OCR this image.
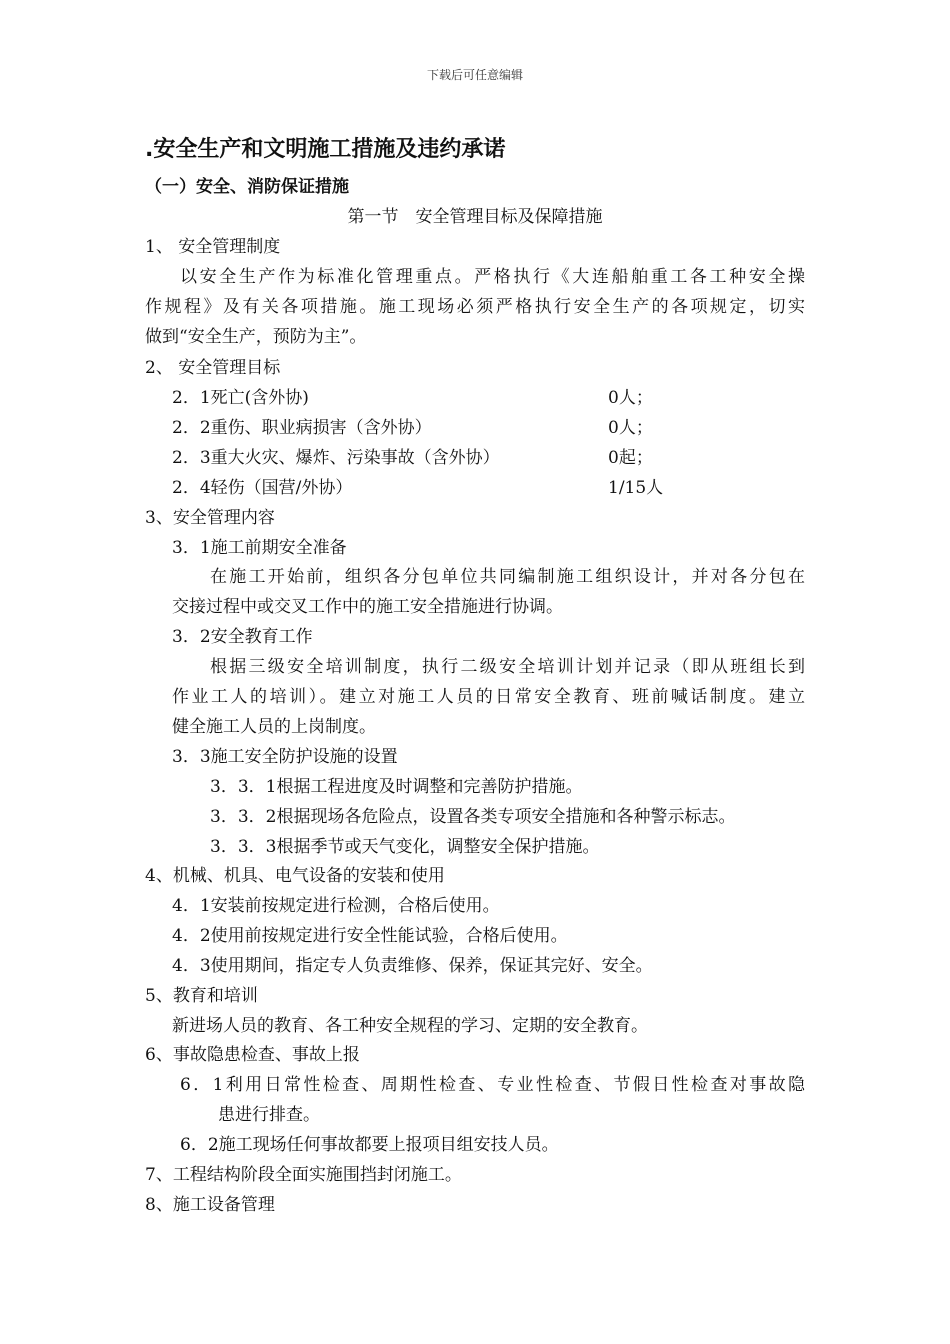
下载后可任意编辑
.安全生产和文明施工措施及违约承诺
（一）安全、消防保证措施
第一节　安全管理目标及保障措施
1、 安全管理制度
以安全生产作为标准化管理重点。严格执行《大连船舶重工各工种安全操
作规程》及有关各项措施。施工现场必须严格执行安全生产的各项规定，切实
做到“安全生产，预防为主”。
2、 安全管理目标
2．1死亡(含外协)	0人；
2．2重伤、职业病损害（含外协）	0人；
2．3重大火灾、爆炸、污染事故（含外协）	0起；
2．4轻伤（国营/外协）	1/15人
3、安全管理内容
3．1施工前期安全准备
在施工开始前，组织各分包单位共同编制施工组织设计，并对各分包在
交接过程中或交叉工作中的施工安全措施进行协调。
3．2安全教育工作
根据三级安全培训制度，执行二级安全培训计划并记录（即从班组长到
作业工人的培训）。建立对施工人员的日常安全教育、班前喊话制度。建立
健全施工人员的上岗制度。
3．3施工安全防护设施的设置
3．3．1根据工程进度及时调整和完善防护措施。
3．3．2根据现场各危险点，设置各类专项安全措施和各种警示标志。
3．3．3根据季节或天气变化，调整安全保护措施。
4、机械、机具、电气设备的安装和使用
4．1安装前按规定进行检测，合格后使用。
4．2使用前按规定进行安全性能试验，合格后使用。
4．3使用期间，指定专人负责维修、保养，保证其完好、安全。
5、教育和培训
新进场人员的教育、各工种安全规程的学习、定期的安全教育。
6、事故隐患检查、事故上报
6．1利用日常性检查、周期性检查、专业性检查、节假日性检查对事故隐
患进行排查。
6．2施工现场任何事故都要上报项目组安技人员。
7、工程结构阶段全面实施围挡封闭施工。
8、施工设备管理
